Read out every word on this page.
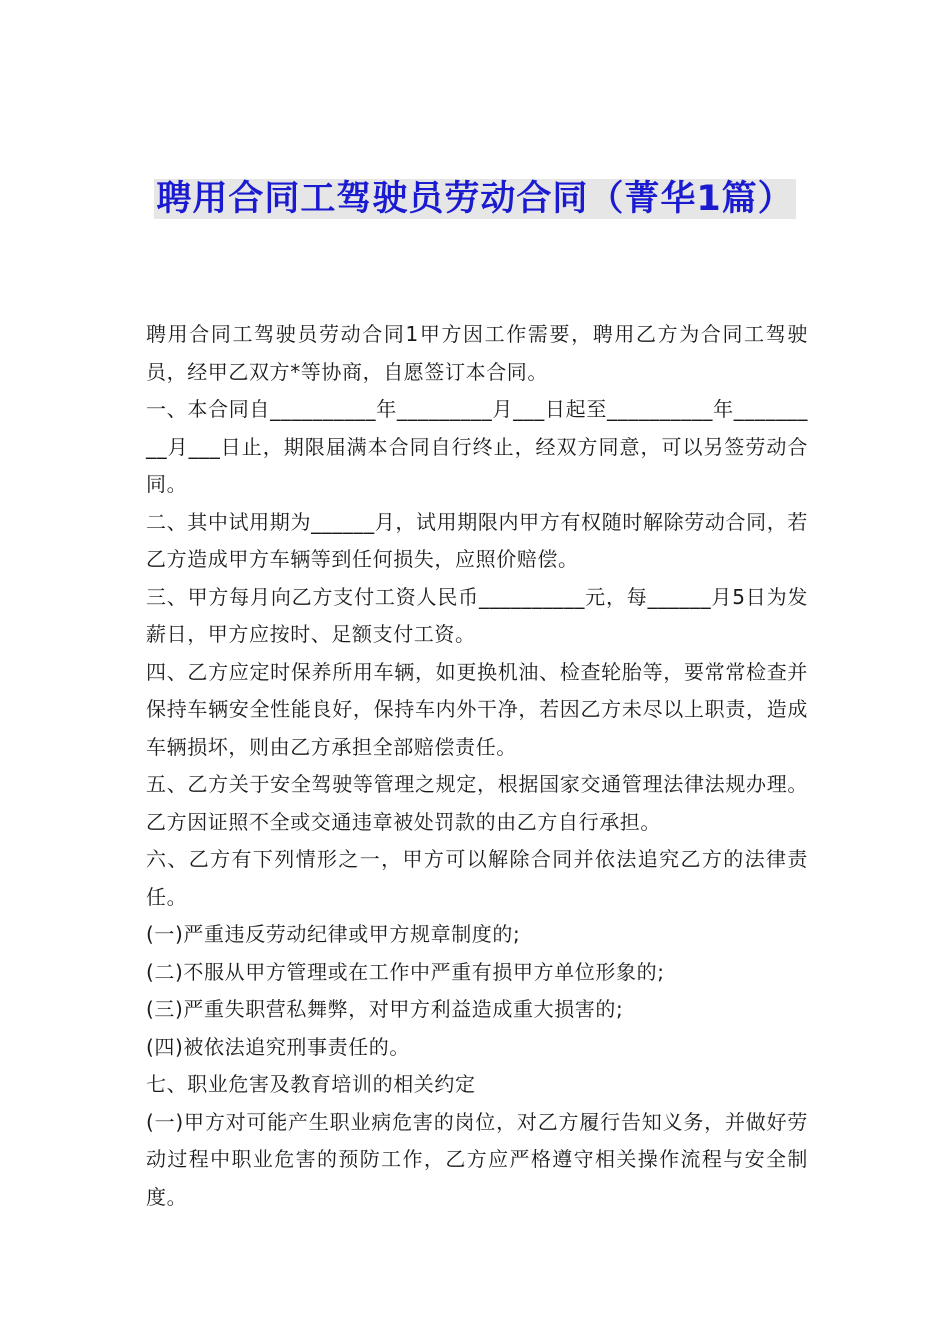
聘用合同工驾驶员劳动合同（菁华1篇）

聘用合同工驾驶员劳动合同1甲方因工作需要，聘用乙方为合同工驾驶员，经甲乙双方*等协商，自愿签订本合同。

一、本合同自__________年_________月___日起至__________年_________月___日止，期限届满本合同自行终止，经双方同意，可以另签劳动合同。

二、其中试用期为______月，试用期限内甲方有权随时解除劳动合同，若乙方造成甲方车辆等到任何损失，应照价赔偿。

三、甲方每月向乙方支付工资人民币__________元，每______月5日为发薪日，甲方应按时、足额支付工资。

四、乙方应定时保养所用车辆，如更换机油、检查轮胎等，要常常检查并保持车辆安全性能良好，保持车内外干净，若因乙方未尽以上职责，造成车辆损坏，则由乙方承担全部赔偿责任。

五、乙方关于安全驾驶等管理之规定，根据国家交通管理法律法规办理。乙方因证照不全或交通违章被处罚款的由乙方自行承担。

六、乙方有下列情形之一，甲方可以解除合同并依法追究乙方的法律责任。

(一)严重违反劳动纪律或甲方规章制度的;

(二)不服从甲方管理或在工作中严重有损甲方单位形象的;

(三)严重失职营私舞弊，对甲方利益造成重大损害的;

(四)被依法追究刑事责任的。

七、职业危害及教育培训的相关约定

(一)甲方对可能产生职业病危害的岗位，对乙方履行告知义务，并做好劳动过程中职业危害的预防工作，乙方应严格遵守相关操作流程与安全制度。
